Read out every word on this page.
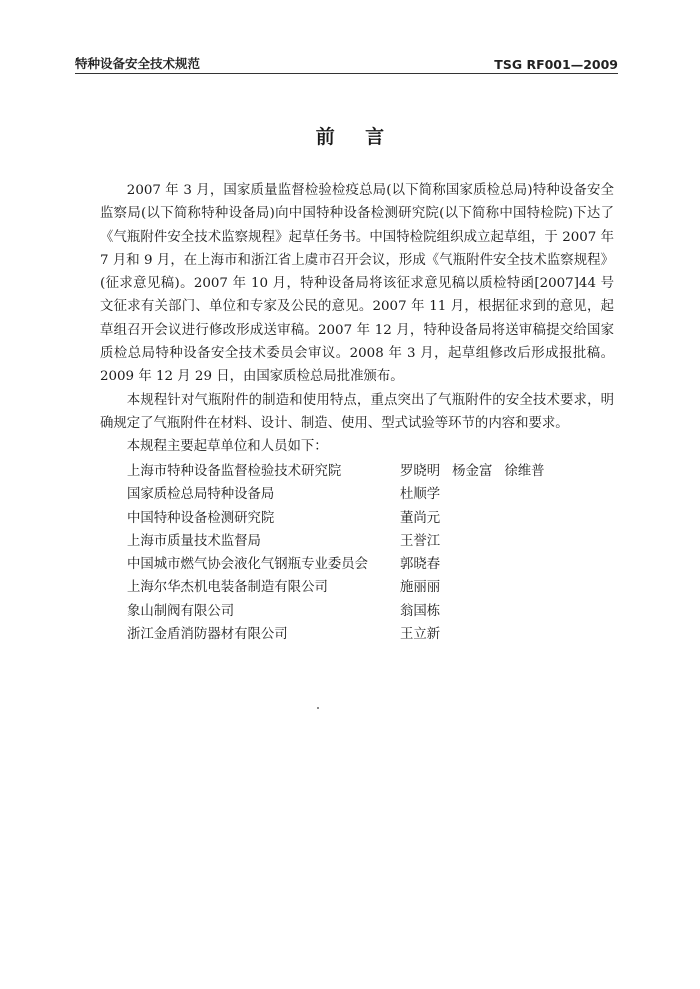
特种设备安全技术规范	TSG RF001—2009
前言

2007 年 3 月，国家质量监督检验检疫总局(以下简称国家质检总局)特种设备安全监察局(以下简称特种设备局)向中国特种设备检测研究院(以下简称中国特检院)下达了《气瓶附件安全技术监察规程》起草任务书。中国特检院组织成立起草组，于 2007 年 7 月和 9 月，在上海市和浙江省上虞市召开会议，形成《气瓶附件安全技术监察规程》(征求意见稿)。2007 年 10 月，特种设备局将该征求意见稿以质检特函[2007]44 号文征求有关部门、单位和专家及公民的意见。2007 年 11 月，根据征求到的意见，起草组召开会议进行修改形成送审稿。2007 年 12 月，特种设备局将送审稿提交给国家质检总局特种设备安全技术委员会审议。2008 年 3 月，起草组修改后形成报批稿。2009 年 12 月 29 日，由国家质检总局批准颁布。

本规程针对气瓶附件的制造和使用特点，重点突出了气瓶附件的安全技术要求，明确规定了气瓶附件在材料、设计、制造、使用、型式试验等环节的内容和要求。

本规程主要起草单位和人员如下：

上海市特种设备监督检验技术研究院	罗晓明 杨金富 徐维普
国家质检总局特种设备局	杜顺学
中国特种设备检测研究院	董尚元
上海市质量技术监督局	王誉江
中国城市燃气协会液化气钢瓶专业委员会	郭晓春
上海尔华杰机电装备制造有限公司	施丽丽
象山制阀有限公司	翁国栋
浙江金盾消防器材有限公司	王立新
